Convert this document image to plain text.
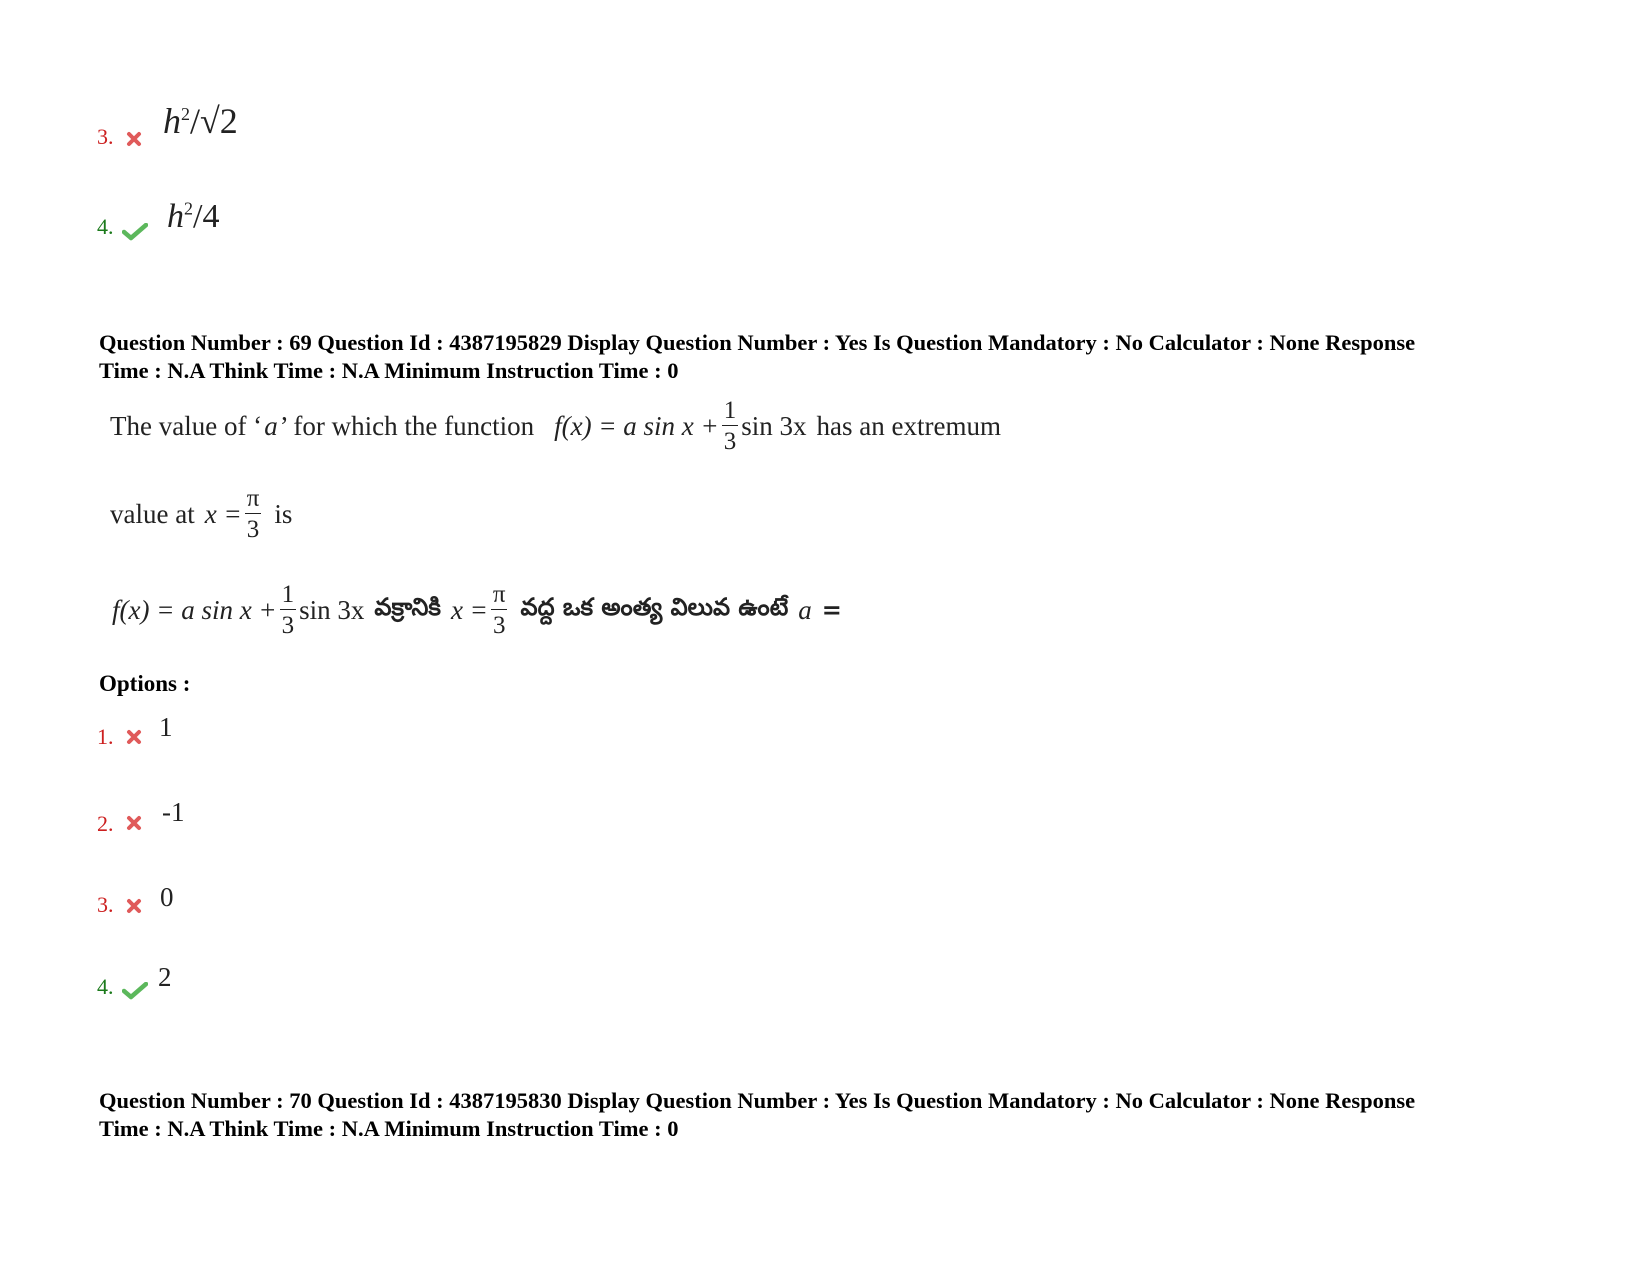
3. $h^2/√2$
4. $h^2/4$
Question Number : 69 Question Id : 4387195829 Display Question Number : Yes Is Question Mandatory : No Calculator : None Response
Time : N.A Think Time : N.A Minimum Instruction Time : 0
The value of ‘ a ’ for which the function f(x) = a $\sin x + \frac{1}{3}$ sin 3x has an extremum
value at $x = \frac{\pi}{3}$ is
f(x) = a $\sin x + \frac{1}{3}$ sin 3x వక్రానికి $x = \frac{\pi}{3}$ వద్ద ఒక అంత్య విలువ ఉంటే a =
Options :
1. 1
2. -1
3. 0
4. 2
Question Number : 70 Question Id : 4387195830 Display Question Number : Yes Is Question Mandatory : No Calculator : None Response
Time : N.A Think Time : N.A Minimum Instruction Time : 0
